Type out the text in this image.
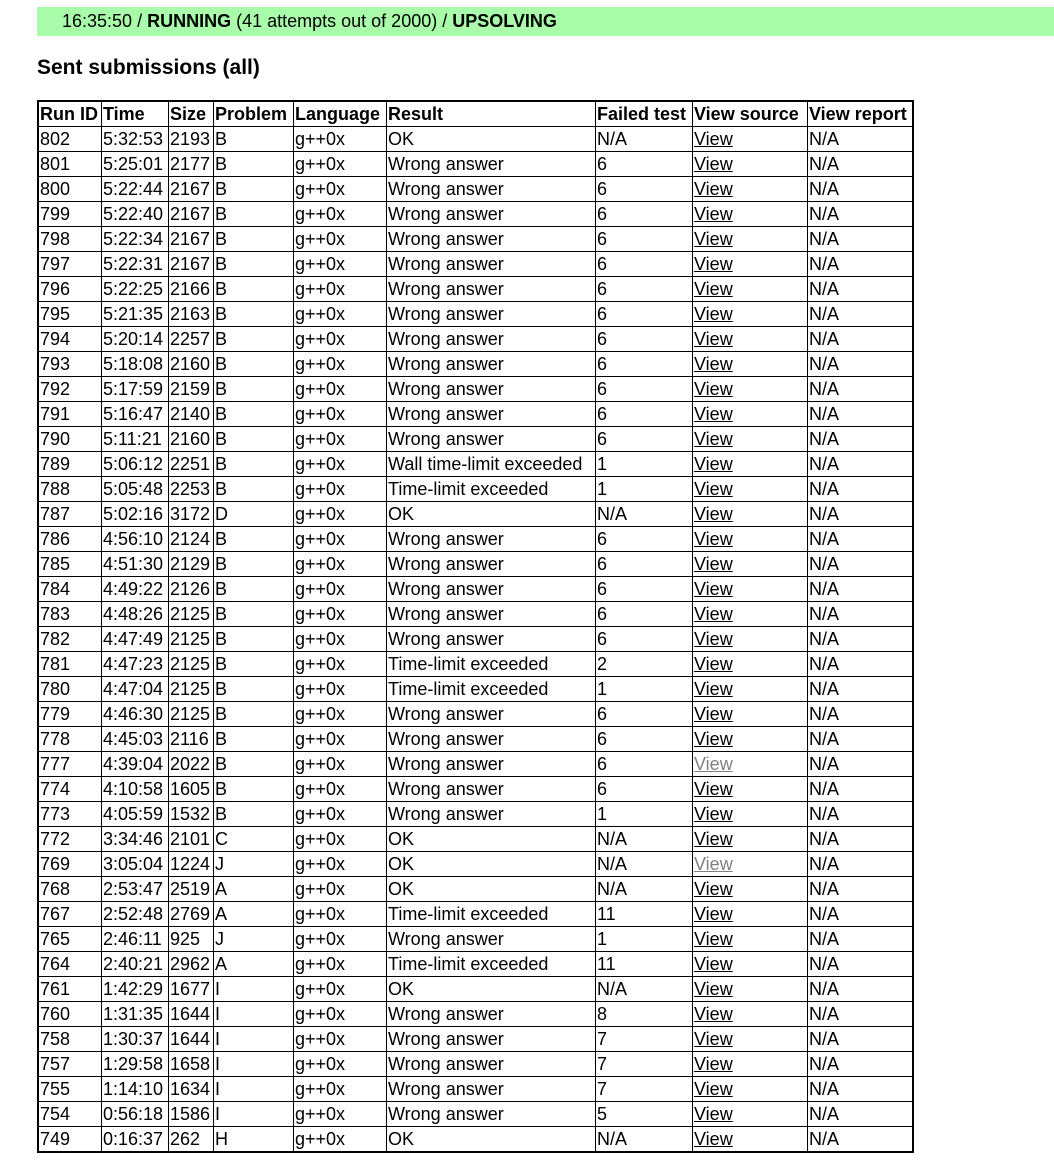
16:35:50 / RUNNING (41 attempts out of 2000) / UPSOLVING
Sent submissions (all)
Run ID	Time	Size	Problem	Language	Result	Failed test	View source	View report
802	5:32:53	2193	B	g++0x	OK	N/A	View	N/A
801	5:25:01	2177	B	g++0x	Wrong answer	6	View	N/A
800	5:22:44	2167	B	g++0x	Wrong answer	6	View	N/A
799	5:22:40	2167	B	g++0x	Wrong answer	6	View	N/A
798	5:22:34	2167	B	g++0x	Wrong answer	6	View	N/A
797	5:22:31	2167	B	g++0x	Wrong answer	6	View	N/A
796	5:22:25	2166	B	g++0x	Wrong answer	6	View	N/A
795	5:21:35	2163	B	g++0x	Wrong answer	6	View	N/A
794	5:20:14	2257	B	g++0x	Wrong answer	6	View	N/A
793	5:18:08	2160	B	g++0x	Wrong answer	6	View	N/A
792	5:17:59	2159	B	g++0x	Wrong answer	6	View	N/A
791	5:16:47	2140	B	g++0x	Wrong answer	6	View	N/A
790	5:11:21	2160	B	g++0x	Wrong answer	6	View	N/A
789	5:06:12	2251	B	g++0x	Wall time-limit exceeded	1	View	N/A
788	5:05:48	2253	B	g++0x	Time-limit exceeded	1	View	N/A
787	5:02:16	3172	D	g++0x	OK	N/A	View	N/A
786	4:56:10	2124	B	g++0x	Wrong answer	6	View	N/A
785	4:51:30	2129	B	g++0x	Wrong answer	6	View	N/A
784	4:49:22	2126	B	g++0x	Wrong answer	6	View	N/A
783	4:48:26	2125	B	g++0x	Wrong answer	6	View	N/A
782	4:47:49	2125	B	g++0x	Wrong answer	6	View	N/A
781	4:47:23	2125	B	g++0x	Time-limit exceeded	2	View	N/A
780	4:47:04	2125	B	g++0x	Time-limit exceeded	1	View	N/A
779	4:46:30	2125	B	g++0x	Wrong answer	6	View	N/A
778	4:45:03	2116	B	g++0x	Wrong answer	6	View	N/A
777	4:39:04	2022	B	g++0x	Wrong answer	6	View	N/A
774	4:10:58	1605	B	g++0x	Wrong answer	6	View	N/A
773	4:05:59	1532	B	g++0x	Wrong answer	1	View	N/A
772	3:34:46	2101	C	g++0x	OK	N/A	View	N/A
769	3:05:04	1224	J	g++0x	OK	N/A	View	N/A
768	2:53:47	2519	A	g++0x	OK	N/A	View	N/A
767	2:52:48	2769	A	g++0x	Time-limit exceeded	11	View	N/A
765	2:46:11	925	J	g++0x	Wrong answer	1	View	N/A
764	2:40:21	2962	A	g++0x	Time-limit exceeded	11	View	N/A
761	1:42:29	1677	I	g++0x	OK	N/A	View	N/A
760	1:31:35	1644	I	g++0x	Wrong answer	8	View	N/A
758	1:30:37	1644	I	g++0x	Wrong answer	7	View	N/A
757	1:29:58	1658	I	g++0x	Wrong answer	7	View	N/A
755	1:14:10	1634	I	g++0x	Wrong answer	7	View	N/A
754	0:56:18	1586	I	g++0x	Wrong answer	5	View	N/A
749	0:16:37	262	H	g++0x	OK	N/A	View	N/A
